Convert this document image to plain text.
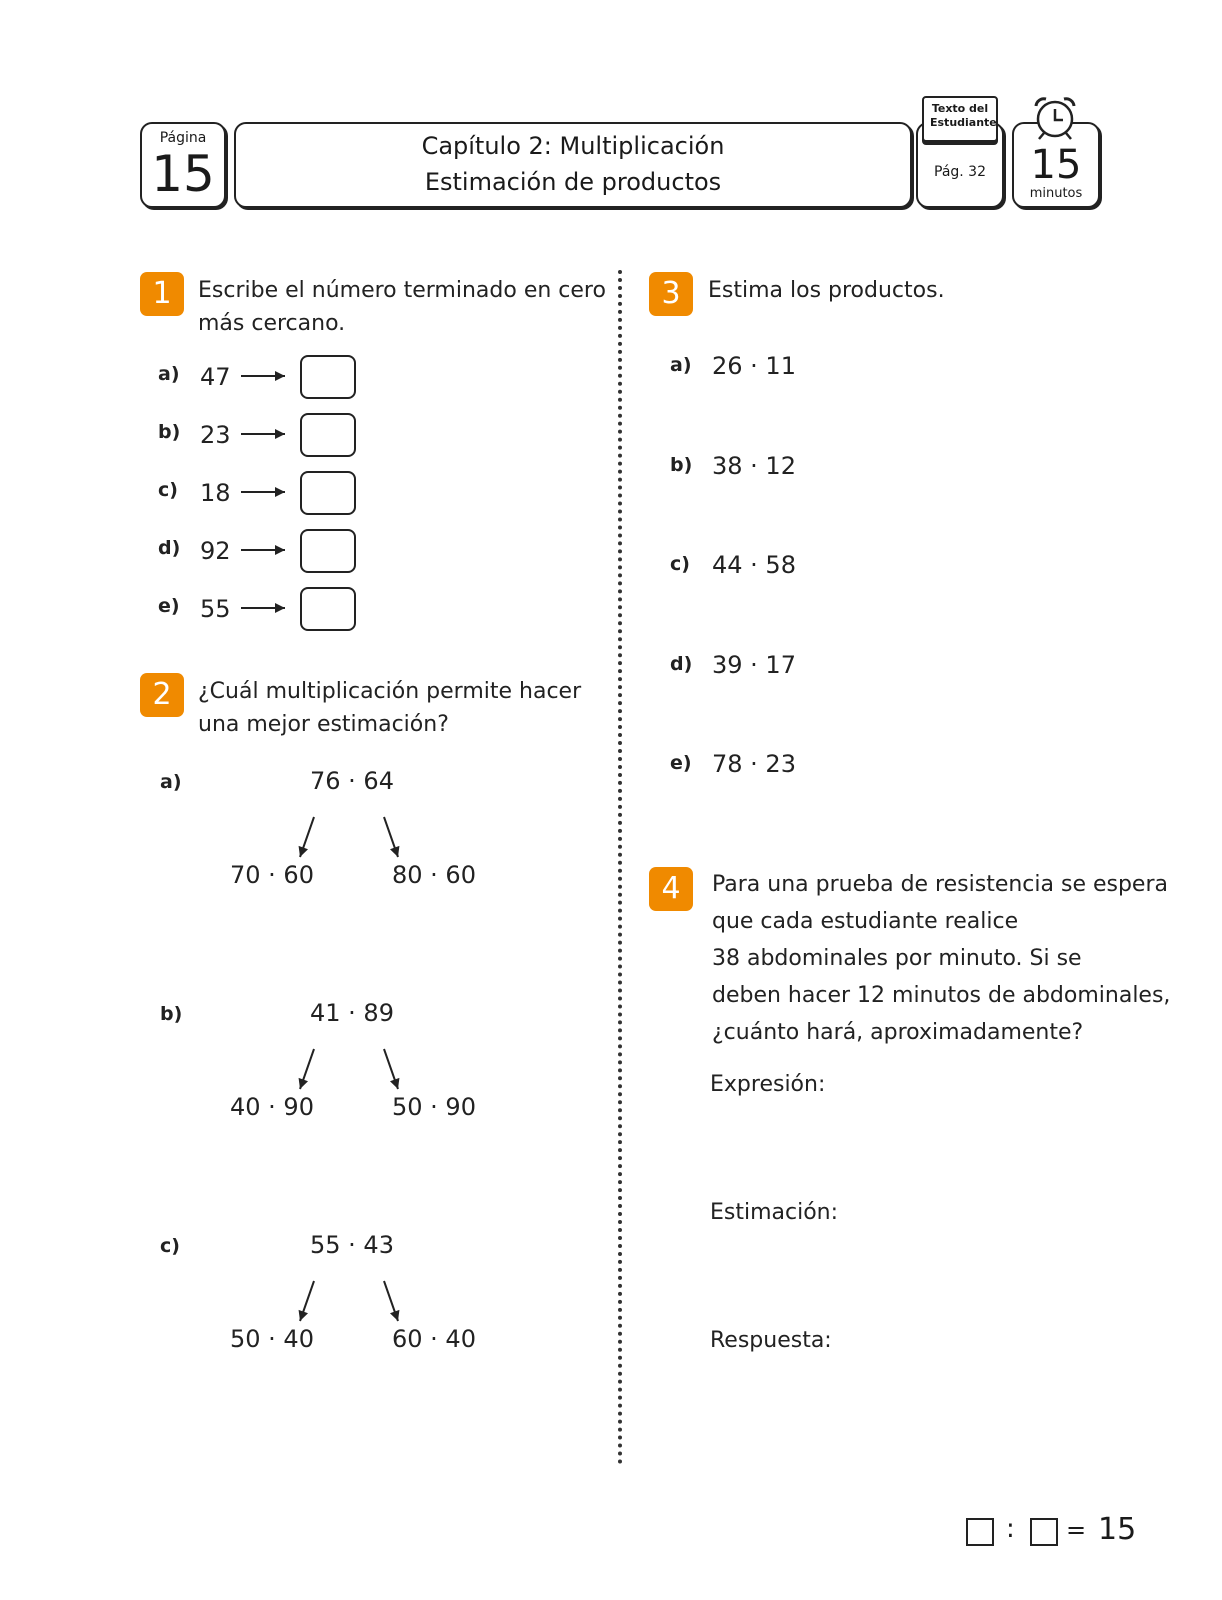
Página
15	Capítulo 2: Multiplicación
Estimación de productos	Pág. 32
Texto del Estudiante
15
minutos
1	Escribe el número terminado en cero
más cercano.
a) 47
b) 23
c) 18
d) 92
e) 55
2	¿Cuál multiplicación permite hacer
una mejor estimación?
a)	76 · 64
70 · 60	80 · 60
b)	41 · 89
40 · 90	50 · 90
c)	55 · 43
50 · 40	60 · 40
3	Estima los productos.
a) 26 · 11
b) 38 · 12
c) 44 · 58
d) 39 · 17
e) 78 · 23
4	Para una prueba de resistencia se espera
que cada estudiante realice
38 abdominales por minuto. Si se
deben hacer 12 minutos de abdominales,
¿cuánto hará, aproximadamente?
Expresión:
Estimación:
Respuesta:
: = 15
